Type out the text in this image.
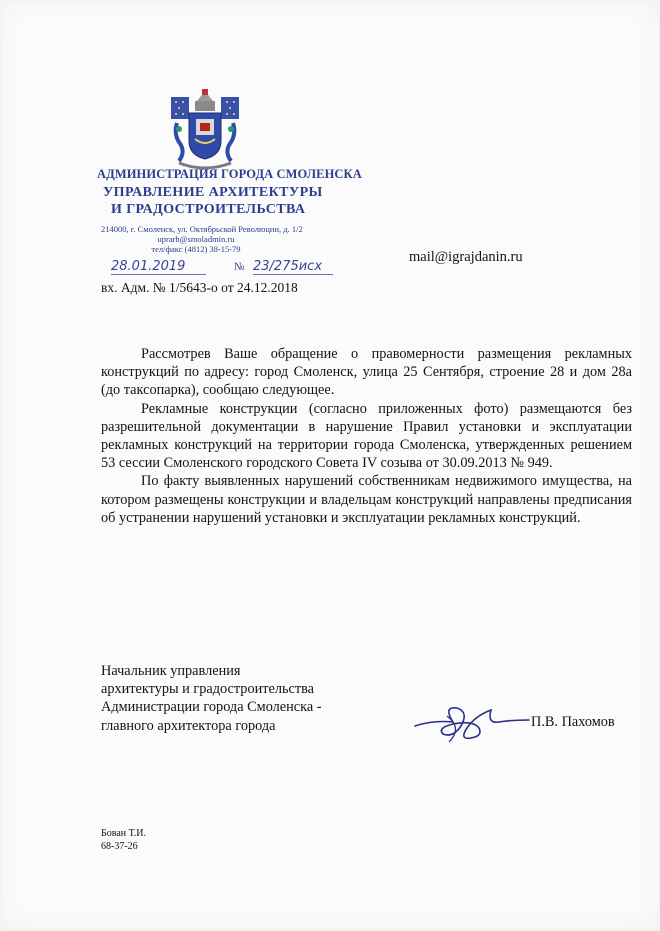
АДМИНИСТРАЦИЯ ГОРОДА СМОЛЕНСКА
УПРАВЛЕНИЕ АРХИТЕКТУРЫ
И ГРАДОСТРОИТЕЛЬСТВА
214000, г. Смоленск, ул. Октябрьской Революции, д. 1/2
uprarh@smoladmin.ru
тел/факс (4812) 38-15-79
28.01.2019	№ 23/275исх
mail@igrajdanin.ru
вх. Адм. № 1/5643-о от 24.12.2018

Рассмотрев Ваше обращение о правомерности размещения рекламных конструкций по адресу: город Смоленск, улица 25 Сентября, строение 28 и дом 28а (до таксопарка), сообщаю следующее.

Рекламные конструкции (согласно приложенных фото) размещаются без разрешительной документации в нарушение Правил установки и эксплуатации рекламных конструкций на территории города Смоленска, утвержденных решением 53 сессии Смоленского городского Совета IV созыва от 30.09.2013 № 949.

По факту выявленных нарушений собственникам недвижимого имущества, на котором размещены конструкции и владельцам конструкций направлены предписания об устранении нарушений установки и эксплуатации рекламных конструкций.

Начальник управления
архитектуры и градостроительства
Администрации города Смоленска -
главного архитектора города	П.В. Пахомов
Бован Т.И.
68-37-26
